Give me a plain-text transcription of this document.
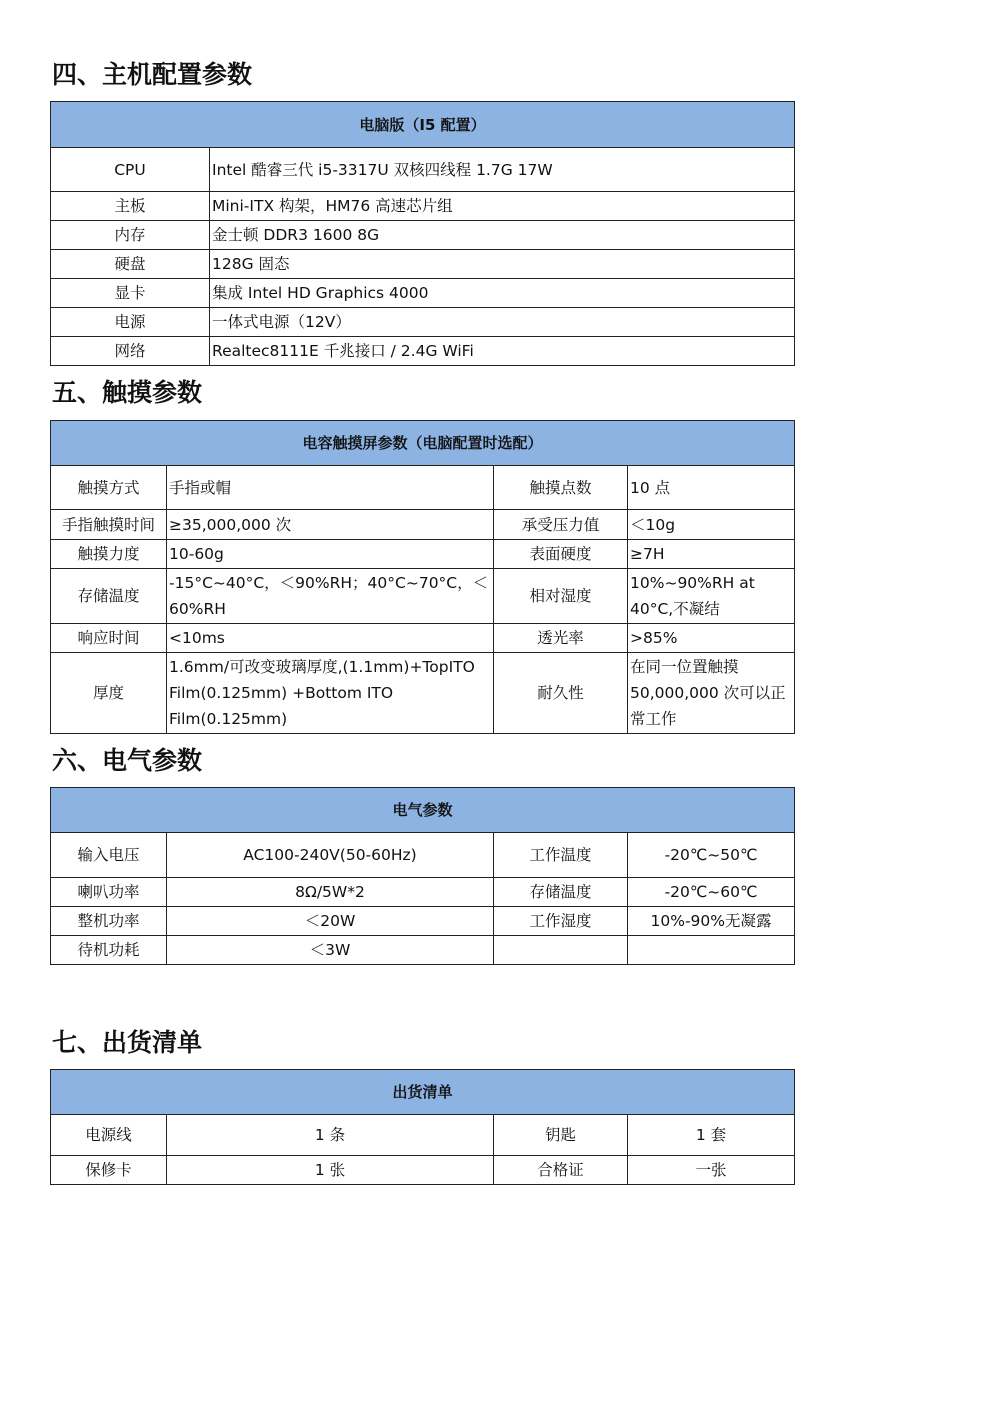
四、主机配置参数
电脑版（I5 配置）	
CPU	Intel 酷睿三代 i5-3317U 双核四线程 1.7G 17W
主板	Mini-ITX 构架，HM76 高速芯片组
内存	金士顿 DDR3 1600 8G
硬盘	128G 固态
显卡	集成 Intel HD Graphics 4000
电源	一体式电源（12V）
网络	Realtec8111E 千兆接口 / 2.4G WiFi
五、触摸参数
电容触摸屏参数（电脑配置时选配）			
触摸方式	手指或帽	触摸点数	10 点
手指触摸时间	≥35,000,000 次	承受压力值	＜10g
触摸力度	10-60g	表面硬度	≥7H
存储温度	-15°C~40°C，＜90%RH；40°C~70°C，＜60%RH	相对湿度	10%~90%RH at 40°C,不凝结
响应时间	<10ms	透光率	>85%
厚度	1.6mm/可改变玻璃厚度,(1.1mm)+TopITO Film(0.125mm) +Bottom ITO Film(0.125mm)	耐久性	在同一位置触摸 50,000,000 次可以正常工作
六、电气参数
电气参数			
输入电压	AC100-240V(50-60Hz)	工作温度	-20℃~50℃
喇叭功率	8Ω/5W*2	存储温度	-20℃~60℃
整机功率	＜20W	工作湿度	10%-90%无凝露
待机功耗	＜3W		
七、出货清单
出货清单			
电源线	1 条	钥匙	1 套
保修卡	1 张	合格证	一张
